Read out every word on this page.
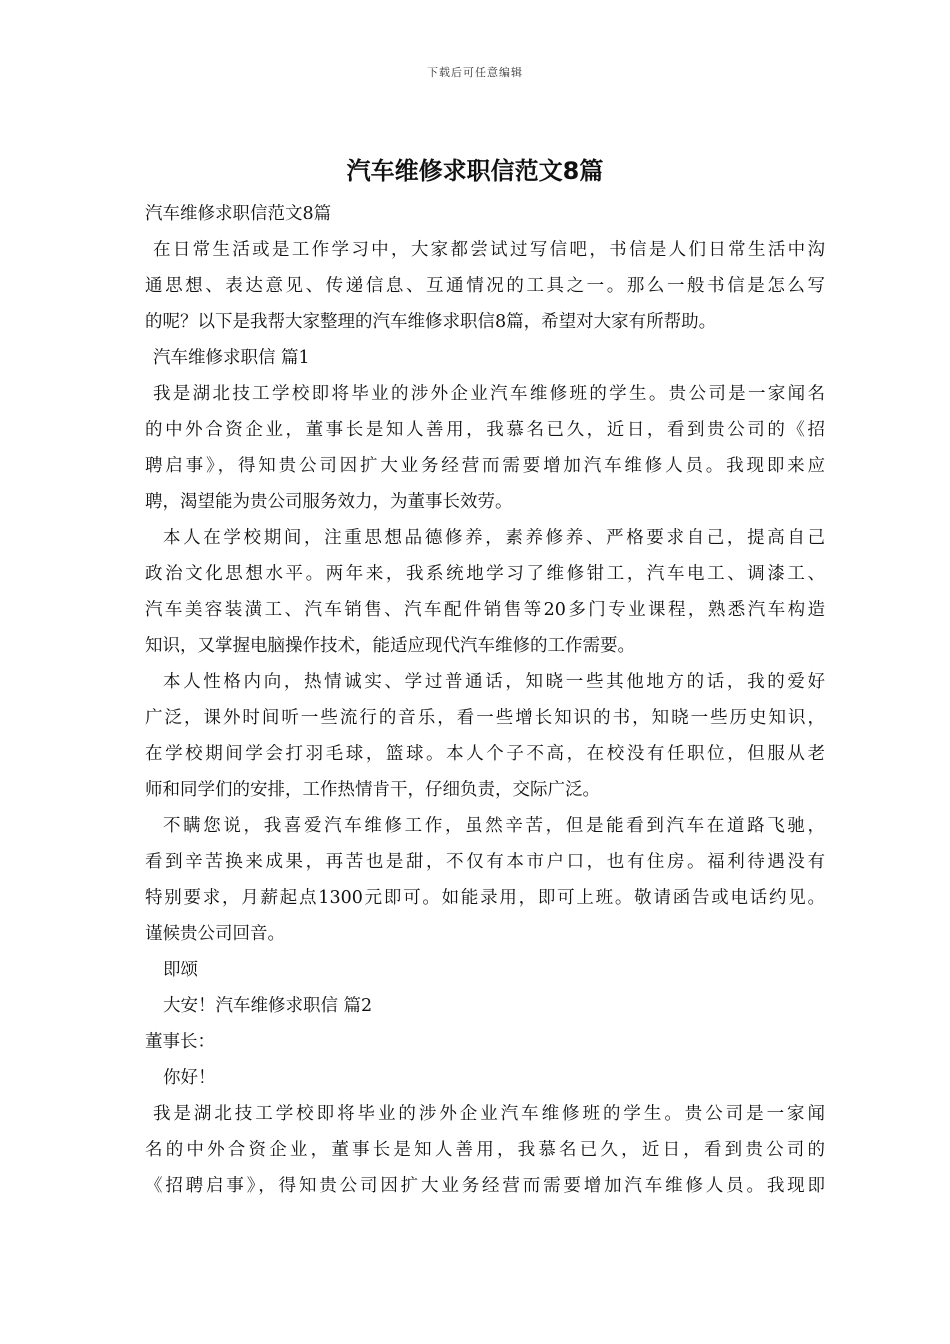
下载后可任意编辑
汽车维修求职信范文8篇
汽车维修求职信范文8篇
在日常生活或是工作学习中，大家都尝试过写信吧，书信是人们日常生活中沟
通思想、表达意见、传递信息、互通情况的工具之一。那么一般书信是怎么写
的呢？以下是我帮大家整理的汽车维修求职信8篇，希望对大家有所帮助。
汽车维修求职信 篇1
我是湖北技工学校即将毕业的涉外企业汽车维修班的学生。贵公司是一家闻名
的中外合资企业，董事长是知人善用，我慕名已久，近日，看到贵公司的《招
聘启事》，得知贵公司因扩大业务经营而需要增加汽车维修人员。我现即来应
聘，渴望能为贵公司服务效力，为董事长效劳。
本人在学校期间，注重思想品德修养，素养修养、严格要求自己，提高自己
政治文化思想水平。两年来，我系统地学习了维修钳工，汽车电工、调漆工、
汽车美容装潢工、汽车销售、汽车配件销售等20多门专业课程，熟悉汽车构造
知识，又掌握电脑操作技术，能适应现代汽车维修的工作需要。
本人性格内向，热情诚实、学过普通话，知晓一些其他地方的话，我的爱好
广泛，课外时间听一些流行的音乐，看一些增长知识的书，知晓一些历史知识，
在学校期间学会打羽毛球，篮球。本人个子不高，在校没有任职位，但服从老
师和同学们的安排，工作热情肯干，仔细负责，交际广泛。
不瞒您说，我喜爱汽车维修工作，虽然辛苦，但是能看到汽车在道路飞驰，
看到辛苦换来成果，再苦也是甜，不仅有本市户口，也有住房。福利待遇没有
特别要求，月薪起点1300元即可。如能录用，即可上班。敬请函告或电话约见。
谨候贵公司回音。
即颂
大安！汽车维修求职信 篇2
董事长：
你好！
我是湖北技工学校即将毕业的涉外企业汽车维修班的学生。贵公司是一家闻
名的中外合资企业，董事长是知人善用，我慕名已久，近日，看到贵公司的
《招聘启事》，得知贵公司因扩大业务经营而需要增加汽车维修人员。我现即
